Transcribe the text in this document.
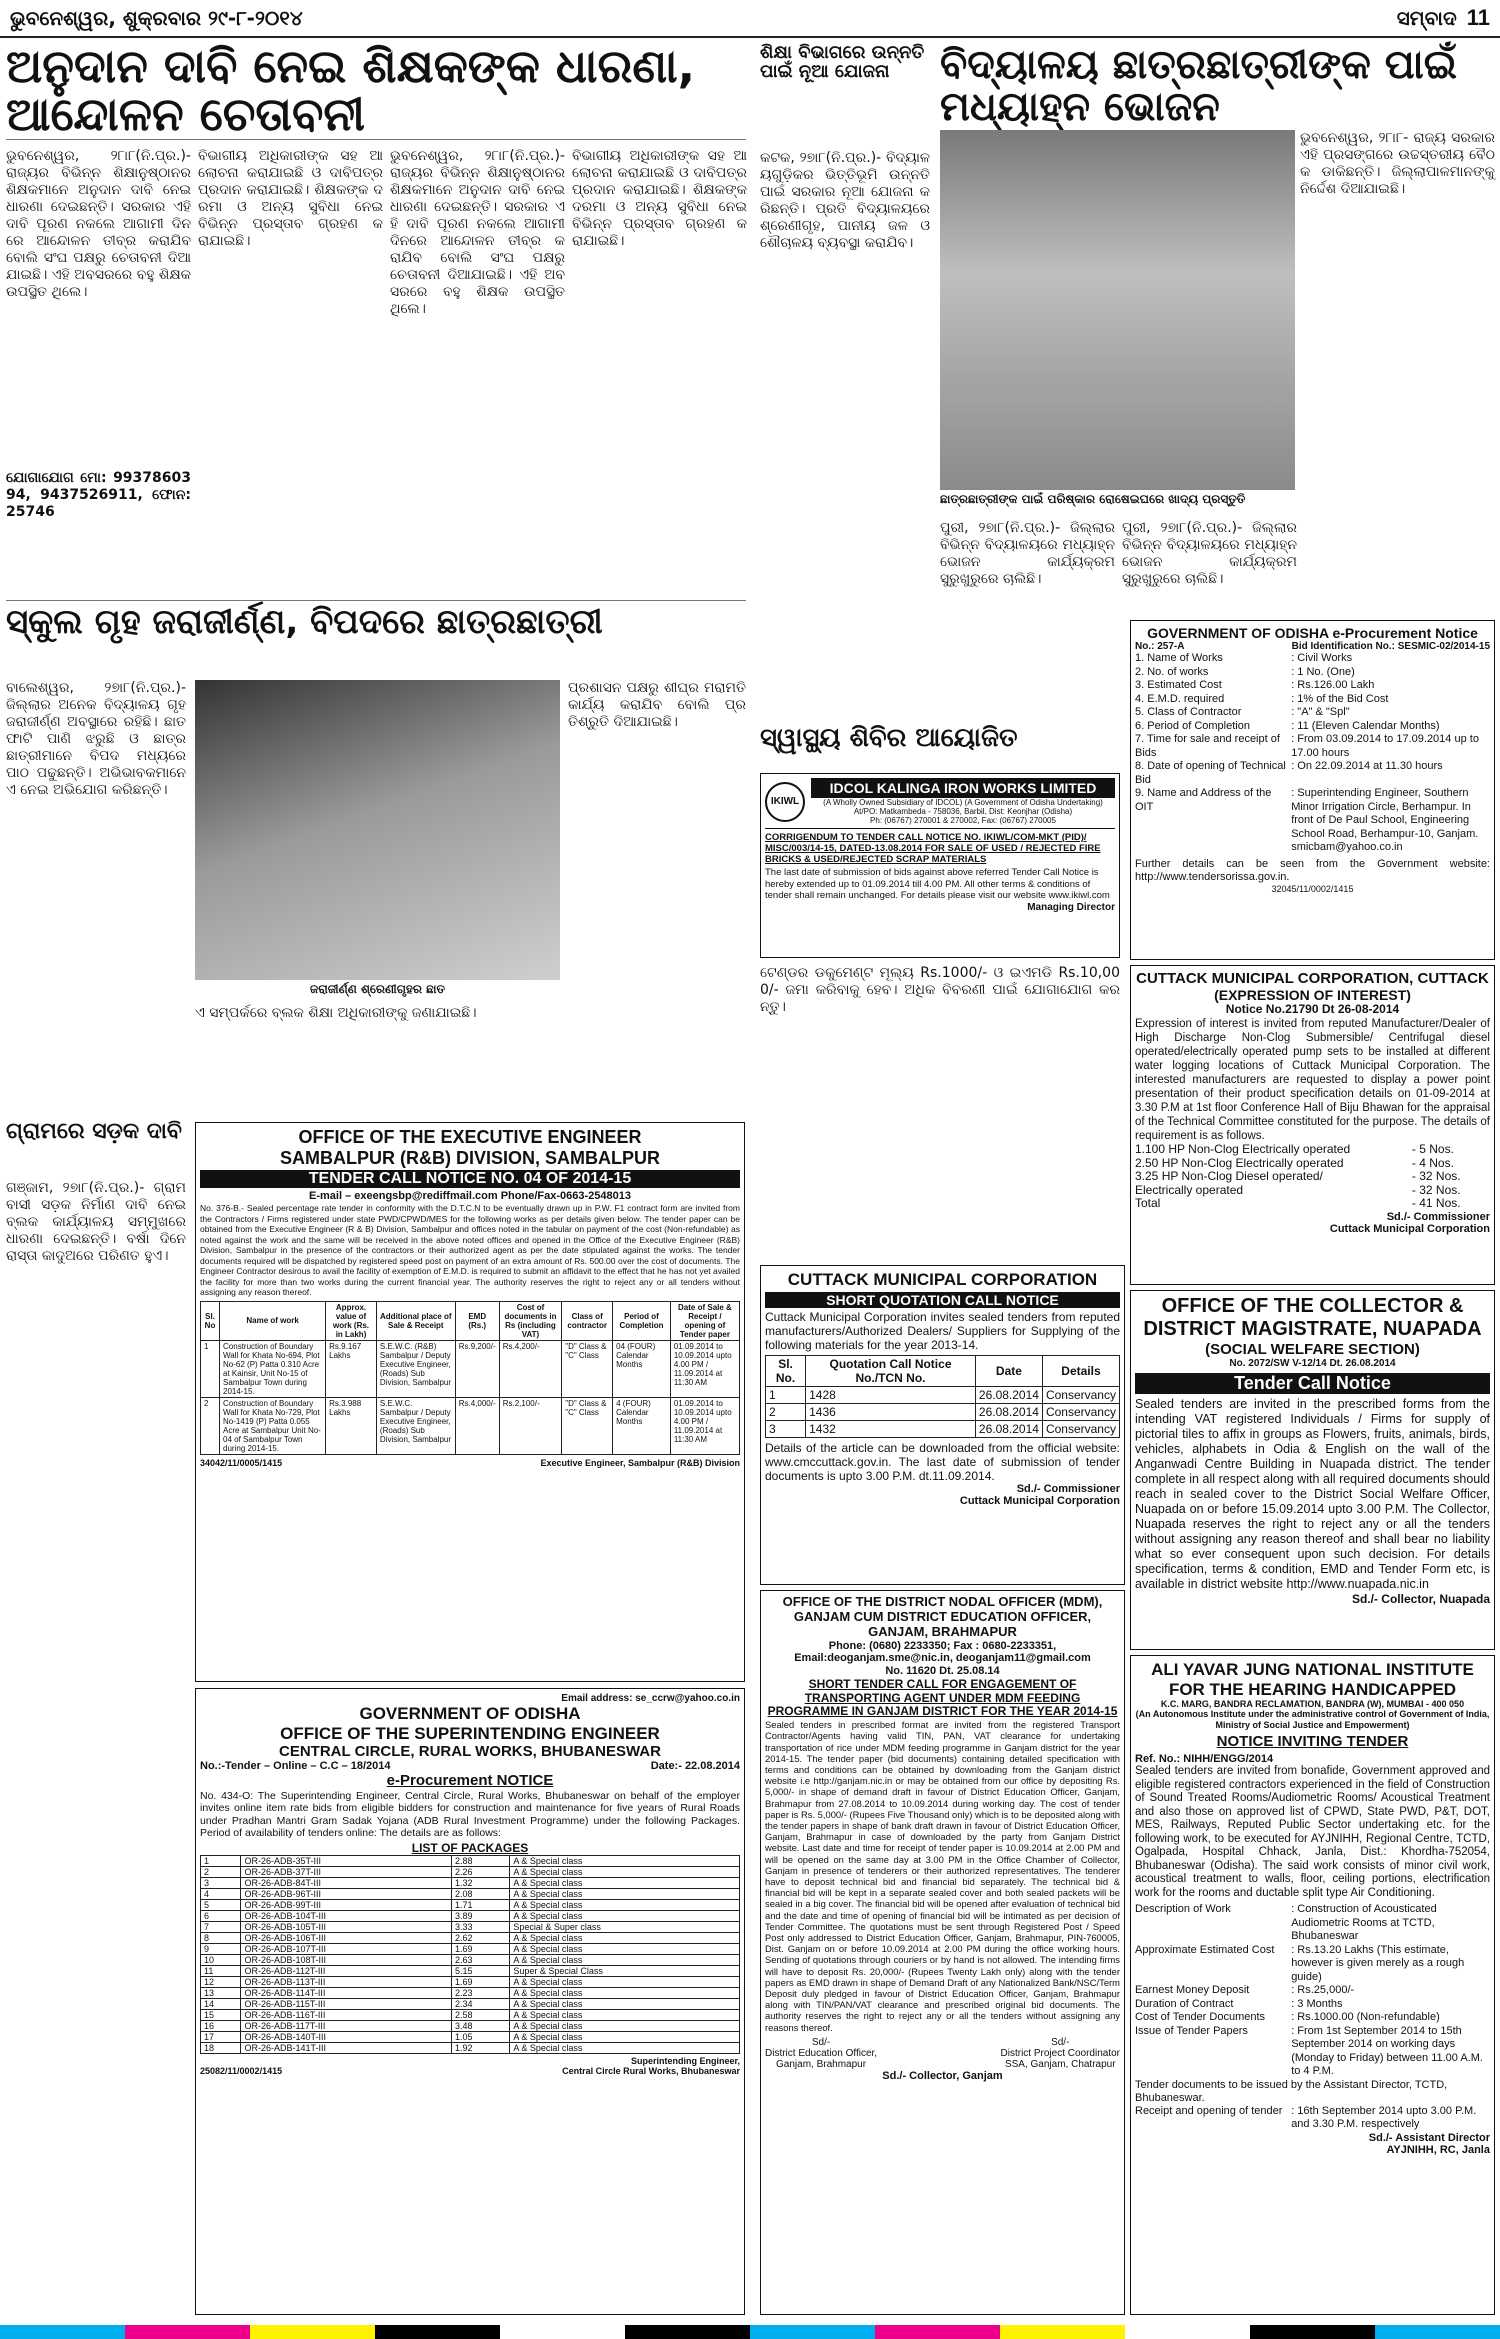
ଭୁବନେଶ୍ୱର, ଶୁକ୍ରବାର ୨୯-୮-୨୦୧୪	ସମ୍ବାଦ 11
ଅନୁଦାନ ଦାବି ନେଇ ଶିକ୍ଷକଙ୍କ ଧାରଣା, ଆନ୍ଦୋଳନ ଚେତାବନୀ
ଭୁବନେଶ୍ୱର, ୨୮ା୮(ନି.ପ୍ର.)- ରାଜ୍ୟର ବିଭିନ୍ନ ଶିକ୍ଷାନୁଷ୍ଠାନର ଶିକ୍ଷକମାନେ ଅନୁଦାନ ଦାବି ନେଇ ଧାରଣା ଦେଇଛନ୍ତି। ସରକାର ଏହି ଦାବି ପୂରଣ ନକଲେ ଆଗାମୀ ଦିନରେ ଆନ୍ଦୋଳନ ତୀବ୍ର କରାଯିବ ବୋଲି ସଂଘ ପକ୍ଷରୁ ଚେତାବନୀ ଦିଆଯାଇଛି। ଏହି ଅବସରରେ ବହୁ ଶିକ୍ଷକ ଉପସ୍ଥିତ ଥିଲେ।
ଯୋଗାଯୋଗ ମୋ: 9937860394, 9437526911, ଫୋନ: 25746
ବିଭାଗୀୟ ଅଧିକାରୀଙ୍କ ସହ ଆଲୋଚନା କରାଯାଇଛି ଓ ଦାବିପତ୍ର ପ୍ରଦାନ କରାଯାଇଛି। ଶିକ୍ଷକଙ୍କ ଦରମା ଓ ଅନ୍ୟ ସୁବିଧା ନେଇ ବିଭିନ୍ନ ପ୍ରସ୍ତାବ ଗ୍ରହଣ କରାଯାଇଛି।
ଭୁବନେଶ୍ୱର, ୨୮ା୮(ନି.ପ୍ର.)- ରାଜ୍ୟର ବିଭିନ୍ନ ଶିକ୍ଷାନୁଷ୍ଠାନର ଶିକ୍ଷକମାନେ ଅନୁଦାନ ଦାବି ନେଇ ଧାରଣା ଦେଇଛନ୍ତି। ସରକାର ଏହି ଦାବି ପୂରଣ ନକଲେ ଆଗାମୀ ଦିନରେ ଆନ୍ଦୋଳନ ତୀବ୍ର କରାଯିବ ବୋଲି ସଂଘ ପକ୍ଷରୁ ଚେତାବନୀ ଦିଆଯାଇଛି। ଏହି ଅବସରରେ ବହୁ ଶିକ୍ଷକ ଉପସ୍ଥିତ ଥିଲେ।
ବିଭାଗୀୟ ଅଧିକାରୀଙ୍କ ସହ ଆଲୋଚନା କରାଯାଇଛି ଓ ଦାବିପତ୍ର ପ୍ରଦାନ କରାଯାଇଛି। ଶିକ୍ଷକଙ୍କ ଦରମା ଓ ଅନ୍ୟ ସୁବିଧା ନେଇ ବିଭିନ୍ନ ପ୍ରସ୍ତାବ ଗ୍ରହଣ କରାଯାଇଛି।
ଶିକ୍ଷା ବିଭାଗରେ ଉନ୍ନତି ପାଇଁ ନୂଆ ଯୋଜନା
କଟକ, ୨୭ା୮(ନି.ପ୍ର.)- ବିଦ୍ୟାଳୟଗୁଡ଼ିକର ଭିତ୍ତିଭୂମି ଉନ୍ନତି ପାଇଁ ସରକାର ନୂଆ ଯୋଜନା କରିଛନ୍ତି। ପ୍ରତି ବିଦ୍ୟାଳୟରେ ଶ୍ରେଣୀଗୃହ, ପାନୀୟ ଜଳ ଓ ଶୌଚାଳୟ ବ୍ୟବସ୍ଥା କରାଯିବ।
ବିଦ୍ୟାଳୟ ଛାତ୍ରଛାତ୍ରୀଙ୍କ ପାଇଁ ମଧ୍ୟାହ୍ନ ଭୋଜନ
ଛାତ୍ରଛାତ୍ରୀଙ୍କ ପାଇଁ ପରିଷ୍କାର ରୋଷେଇଘରେ ଖାଦ୍ୟ ପ୍ରସ୍ତୁତି
ଭୁବନେଶ୍ୱର, ୨୮ା୮- ରାଜ୍ୟ ସରକାର ଏହି ପ୍ରସଙ୍ଗରେ ଉଚ୍ଚସ୍ତରୀୟ ବୈଠକ ଡାକିଛନ୍ତି। ଜିଲ୍ଲାପାଳମାନଙ୍କୁ ନିର୍ଦ୍ଦେଶ ଦିଆଯାଇଛି।
ପୁରୀ, ୨୭ା୮(ନି.ପ୍ର.)- ଜିଲ୍ଲାର ବିଭିନ୍ନ ବିଦ୍ୟାଳୟରେ ମଧ୍ୟାହ୍ନ ଭୋଜନ କାର୍ଯ୍ୟକ୍ରମ ସୁରୁଖୁରୁରେ ଚାଲିଛି।
ପୁରୀ, ୨୭ା୮(ନି.ପ୍ର.)- ଜିଲ୍ଲାର ବିଭିନ୍ନ ବିଦ୍ୟାଳୟରେ ମଧ୍ୟାହ୍ନ ଭୋଜନ କାର୍ଯ୍ୟକ୍ରମ ସୁରୁଖୁରୁରେ ଚାଲିଛି।
ସ୍କୁଲ ଗୃହ ଜରାଜୀର୍ଣ୍ଣ, ବିପଦରେ ଛାତ୍ରଛାତ୍ରୀ
ବାଲେଶ୍ୱର, ୨୭ା୮(ନି.ପ୍ର.)- ଜିଲ୍ଲାର ଅନେକ ବିଦ୍ୟାଳୟ ଗୃହ ଜରାଜୀର୍ଣ୍ଣ ଅବସ୍ଥାରେ ରହିଛି। ଛାତ ଫାଟି ପାଣି ଝରୁଛି ଓ ଛାତ୍ରଛାତ୍ରୀମାନେ ବିପଦ ମଧ୍ୟରେ ପାଠ ପଢୁଛନ୍ତି। ଅଭିଭାବକମାନେ ଏ ନେଇ ଅଭିଯୋଗ କରିଛନ୍ତି।
ଜରାଜୀର୍ଣ୍ଣ ଶ୍ରେଣୀଗୃହର ଛାତ
ଏ ସମ୍ପର୍କରେ ବ୍ଲକ ଶିକ୍ଷା ଅଧିକାରୀଙ୍କୁ ଜଣାଯାଇଛି।
ପ୍ରଶାସନ ପକ୍ଷରୁ ଶୀଘ୍ର ମରାମତି କାର୍ଯ୍ୟ କରାଯିବ ବୋଲି ପ୍ରତିଶ୍ରୁତି ଦିଆଯାଇଛି।
ଗ୍ରାମରେ ସଡ଼କ ଦାବି
ଗଞ୍ଜାମ, ୨୭ା୮(ନି.ପ୍ର.)- ଗ୍ରାମବାସୀ ସଡ଼କ ନିର୍ମାଣ ଦାବି ନେଇ ବ୍ଲକ କାର୍ଯ୍ୟାଳୟ ସମ୍ମୁଖରେ ଧାରଣା ଦେଇଛନ୍ତି। ବର୍ଷା ଦିନେ ରାସ୍ତା କାଦୁଅରେ ପରିଣତ ହୁଏ।
ସ୍ୱାସ୍ଥ୍ୟ ଶିବିର ଆୟୋଜିତ
IKIWL
IDCOL KALINGA IRON WORKS LIMITED
(A Wholly Owned Subsidiary of IDCOL) (A Government of Odisha Undertaking)
At/PO: Matkambeda - 758036, Barbil, Dist: Keonjhar (Odisha)
Ph: (06767) 270001 & 270002, Fax: (06767) 270005
CORRIGENDUM TO TENDER CALL NOTICE NO. IKIWL/COM-MKT (PID)/ MISC/003/14-15, DATED-13.08.2014 FOR SALE OF USED / REJECTED FIRE BRICKS & USED/REJECTED SCRAP MATERIALS
The last date of submission of bids against above referred Tender Call Notice is hereby extended up to 01.09.2014 till 4.00 PM. All other terms & conditions of tender shall remain unchanged. For details please visit our website www.ikiwl.com
Managing Director
ଟେଣ୍ଡର ଡକୁମେଣ୍ଟ ମୂଲ୍ୟ Rs.1000/- ଓ ଇଏମଡି Rs.10,000/- ଜମା କରିବାକୁ ହେବ। ଅଧିକ ବିବରଣୀ ପାଇଁ ଯୋଗାଯୋଗ କରନ୍ତୁ।
GOVERNMENT OF ODISHA e-Procurement Notice
No.: 257-A	Bid Identification No.: SESMIC-02/2014-15
1. Name of Works	: Civil Works
2. No. of works	: 1 No. (One)
3. Estimated Cost	: Rs.126.00 Lakh
4. E.M.D. required	: 1% of the Bid Cost
5. Class of Contractor	: "A" & "Spl"
6. Period of Completion	: 11 (Eleven Calendar Months)
7. Time for sale and receipt of Bids
: From 03.09.2014 to 17.09.2014 up to 17.00 hours
8. Date of opening of Technical Bid
: On 22.09.2014 at 11.30 hours
9. Name and Address of the OIT
: Superintending Engineer, Southern Minor Irrigation Circle, Berhampur. In front of De Paul School, Engineering School Road, Berhampur-10, Ganjam. smicbam@yahoo.co.in
Further details can be seen from the Government website: http://www.tendersorissa.gov.in.
32045/11/0002/1415
CUTTACK MUNICIPAL CORPORATION, CUTTACK
(EXPRESSION OF INTEREST)
Notice No.21790 Dt 26-08-2014
Expression of interest is invited from reputed Manufacturer/Dealer of High Discharge Non-Clog Submersible/ Centrifugal diesel operated/electrically operated pump sets to be installed at different water logging locations of Cuttack Municipal Corporation. The interested manufacturers are requested to display a power point presentation of their product specification details on 01-09-2014 at 3.30 P.M at 1st floor Conference Hall of Biju Bhawan for the appraisal of the Technical Committee constituted for the purpose. The details of requirement is as follows.
1.100 HP Non-Clog Electrically operated	- 5 Nos.
2.50 HP Non-Clog Electrically operated	- 4 Nos.
3.25 HP Non-Clog Diesel operated/	- 32 Nos.
Electrically operated	- 32 Nos.
Total	- 41 Nos.
Sd./- Commissioner
Cuttack Municipal Corporation
OFFICE OF THE COLLECTOR & DISTRICT MAGISTRATE, NUAPADA
(SOCIAL WELFARE SECTION)
No. 2072/SW V-12/14 Dt. 26.08.2014
Tender Call Notice
Sealed tenders are invited in the prescribed forms from the intending VAT registered Individuals / Firms for supply of pictorial tiles to affix in groups as Flowers, fruits, animals, birds, vehicles, alphabets in Odia & English on the wall of the Anganwadi Centre Building in Nuapada district. The tender complete in all respect along with all required documents should reach in sealed cover to the District Social Welfare Officer, Nuapada on or before 15.09.2014 upto 3.00 P.M. The Collector, Nuapada reserves the right to reject any or all the tenders without assigning any reason thereof and shall bear no liability what so ever consequent upon such decision. For details specification, terms & condition, EMD and Tender Form etc, is available in district website http://www.nuapada.nic.in
Sd./- Collector, Nuapada
ALI YAVAR JUNG NATIONAL INSTITUTE FOR THE HEARING HANDICAPPED
K.C. MARG, BANDRA RECLAMATION, BANDRA (W), MUMBAI - 400 050
(An Autonomous Institute under the administrative control of Government of India, Ministry of Social Justice and Empowerment)
NOTICE INVITING TENDER
Ref. No.: NIHH/ENGG/2014
Sealed tenders are invited from bonafide, Government approved and eligible registered contractors experienced in the field of Construction of Sound Treated Rooms/Audiometric Rooms/ Acoustical Treatment and also those on approved list of CPWD, State PWD, P&T, DOT, MES, Railways, Reputed Public Sector undertaking etc. for the following work, to be executed for AYJNIHH, Regional Centre, TCTD, Ogalpada, Hospital Chhack, Janla, Dist.: Khordha-752054, Bhubaneswar (Odisha). The said work consists of minor civil work, acoustical treatment to walls, floor, ceiling portions, electrification work for the rooms and ductable split type Air Conditioning.
Description of Work	: Construction of Acousticated Audiometric Rooms at TCTD, Bhubaneswar
Approximate Estimated Cost	: Rs.13.20 Lakhs (This estimate, however is given merely as a rough guide)
Earnest Money Deposit	: Rs.25,000/-
Duration of Contract	: 3 Months
Cost of Tender Documents	: Rs.1000.00 (Non-refundable)
Issue of Tender Papers	: From 1st September 2014 to 15th September 2014 on working days (Monday to Friday) between 11.00 A.M. to 4 P.M.
Tender documents to be issued by the Assistant Director, TCTD, Bhubaneswar.
Receipt and opening of tender : 16th September 2014 upto 3.00 P.M. and 3.30 P.M. respectively
Sd./- Assistant Director
AYJNIHH, RC, Janla
OFFICE OF THE EXECUTIVE ENGINEER
SAMBALPUR (R&B) DIVISION, SAMBALPUR
TENDER CALL NOTICE NO. 04 OF 2014-15
E-mail – exeengsbp@rediffmail.com Phone/Fax-0663-2548013
No. 376-B.- Sealed percentage rate tender in conformity with the D.T.C.N to be eventually drawn up in P.W. F1 contract form are invited from the Contractors / Firms registered under state PWD/CPWD/MES for the following works as per details given below. The tender paper can be obtained from the Executive Engineer (R & B) Division, Sambalpur and offices noted in the tabular on payment of the cost (Non-refundable) as noted against the work and the same will be received in the above noted offices and opened in the Office of the Executive Engineer (R&B) Division, Sambalpur in the presence of the contractors or their authorized agent as per the date stipulated against the works. The tender documents required will be dispatched by registered speed post on payment of an extra amount of Rs. 500.00 over the cost of documents. The Engineer Contractor desirous to avail the facility of exemption of E.M.D. is required to submit an affidavit to the effect that he has not yet availed the facility for more than two works during the current financial year. The authority reserves the right to reject any or all tenders without assigning any reason thereof.
Sl. No	Name of work	Approx. value of work (Rs. in Lakh)	Additional place of Sale & Receipt	EMD (Rs.)	Cost of documents in Rs (including VAT)	Class of contractor	Period of Completion	Date of Sale & Receipt / opening of Tender paper
1	Construction of Boundary Wall for Khata No-694, Plot No-62 (P) Patta 0.310 Acre at Kainsir, Unit No-15 of Sambalpur Town during 2014-15.	Rs.9.167 Lakhs	S.E.W.C. (R&B) Sambalpur / Deputy Executive Engineer, (Roads) Sub Division, Sambalpur	Rs.9,200/-	Rs.4,200/-	"D" Class & "C" Class	04 (FOUR) Calendar Months	01.09.2014 to 10.09.2014 upto 4.00 PM / 11.09.2014 at 11:30 AM
2	Construction of Boundary Wall for Khata No-729, Plot No-1419 (P) Patta 0.055 Acre at Sambalpur Unit No-04 of Sambalpur Town during 2014-15.	Rs.3.988 Lakhs	S.E.W.C. Sambalpur / Deputy Executive Engineer, (Roads) Sub Division, Sambalpur	Rs.4,000/-	Rs.2,100/-	"D" Class & "C" Class	4 (FOUR) Calendar Months	01.09.2014 to 10.09.2014 upto 4.00 PM / 11.09.2014 at 11:30 AM
34042/11/0005/1415	Executive Engineer, Sambalpur (R&B) Division
Email address: se_ccrw@yahoo.co.in
GOVERNMENT OF ODISHA
OFFICE OF THE SUPERINTENDING ENGINEER
CENTRAL CIRCLE, RURAL WORKS, BHUBANESWAR
No.:-Tender – Online – C.C – 18/2014	Date:- 22.08.2014
e-Procurement NOTICE
No. 434-O: The Superintending Engineer, Central Circle, Rural Works, Bhubaneswar on behalf of the employer invites online item rate bids from eligible bidders for construction and maintenance for five years of Rural Roads under Pradhan Mantri Gram Sadak Yojana (ADB Rural Investment Programme) under the following Packages. Period of availability of tenders online: The details are as follows:
LIST OF PACKAGES
1	OR-26-ADB-35T-III	2.88	A & Special class
2	OR-26-ADB-37T-III	2.26	A & Special class
3	OR-26-ADB-84T-III	1.32	A & Special class
4	OR-26-ADB-96T-III	2.08	A & Special class
5	OR-26-ADB-99T-III	1.71	A & Special class
6	OR-26-ADB-104T-III	3.89	A & Special class
7	OR-26-ADB-105T-III	3.33	Special & Super class
8	OR-26-ADB-106T-III	2.62	A & Special class
9	OR-26-ADB-107T-III	1.69	A & Special class
10	OR-26-ADB-108T-III	2.63	A & Special class
11	OR-26-ADB-112T-III	5.15	Super & Special Class
12	OR-26-ADB-113T-III	1.69	A & Special class
13	OR-26-ADB-114T-III	2.23	A & Special class
14	OR-26-ADB-115T-III	2.34	A & Special class
15	OR-26-ADB-116T-III	2.58	A & Special class
16	OR-26-ADB-117T-III	3.48	A & Special class
17	OR-26-ADB-140T-III	1.05	A & Special class
18	OR-26-ADB-141T-III	1.92	A & Special class
25082/11/0002/1415
Superintending Engineer,
Central Circle Rural Works, Bhubaneswar
CUTTACK MUNICIPAL CORPORATION
SHORT QUOTATION CALL NOTICE
Cuttack Municipal Corporation invites sealed tenders from reputed manufacturers/Authorized Dealers/ Suppliers for Supplying of the following materials for the year 2013-14.
Sl. No.	Quotation Call Notice No./TCN No.	Date	Details
1	1428	26.08.2014	Conservancy
2	1436	26.08.2014	Conservancy
3	1432	26.08.2014	Conservancy
Details of the article can be downloaded from the official website: www.cmccuttack.gov.in. The last date of submission of tender documents is upto 3.00 P.M. dt.11.09.2014.
Sd./- Commissioner
Cuttack Municipal Corporation
OFFICE OF THE DISTRICT NODAL OFFICER (MDM), GANJAM CUM DISTRICT EDUCATION OFFICER, GANJAM, BRAHMAPUR
Phone: (0680) 2233350; Fax : 0680-2233351,
Email:deoganjam.sme@nic.in, deoganjam11@gmail.com
No. 11620 Dt. 25.08.14
SHORT TENDER CALL FOR ENGAGEMENT OF TRANSPORTING AGENT UNDER MDM FEEDING PROGRAMME IN GANJAM DISTRICT FOR THE YEAR 2014-15
Sealed tenders in prescribed format are invited from the registered Transport Contractor/Agents having valid TIN, PAN, VAT clearance for undertaking transportation of rice under MDM feeding programme in Ganjam district for the year 2014-15. The tender paper (bid documents) containing detailed specification with terms and conditions can be obtained by downloading from the Ganjam district website i.e http://ganjam.nic.in or may be obtained from our office by depositing Rs. 5,000/- in shape of demand draft in favour of District Education Officer, Ganjam, Brahmapur from 27.08.2014 to 10.09.2014 during working day. The cost of tender paper is Rs. 5,000/- (Rupees Five Thousand only) which is to be deposited along with the tender papers in shape of bank draft drawn in favour of District Education Officer, Ganjam, Brahmapur in case of downloaded by the party from Ganjam District website. Last date and time for receipt of tender paper is 10.09.2014 at 2.00 PM and will be opened on the same day at 3.00 PM in the Office Chamber of Collector, Ganjam in presence of tenderers or their authorized representatives. The tenderer have to deposit technical bid and financial bid separately. The technical bid & financial bid will be kept in a separate sealed cover and both sealed packets will be sealed in a big cover. The financial bid will be opened after evaluation of technical bid and the date and time of opening of financial bid will be intimated as per decision of Tender Committee. The quotations must be sent through Registered Post / Speed Post only addressed to District Education Officer, Ganjam, Brahmapur, PIN-760005, Dist. Ganjam on or before 10.09.2014 at 2.00 PM during the office working hours. Sending of quotations through couriers or by hand is not allowed. The intending firms will have to deposit Rs. 20,000/- (Rupees Twenty Lakh only) along with the tender papers as EMD drawn in shape of Demand Draft of any Nationalized Bank/NSC/Term Deposit duly pledged in favour of District Education Officer, Ganjam, Brahmapur along with TIN/PAN/VAT clearance and prescribed original bid documents. The authority reserves the right to reject any or all the tenders without assigning any reasons thereof.
Sd/-
District Education Officer,
Ganjam, Brahmapur
Sd/-
District Project Coordinator
SSA, Ganjam, Chatrapur
Sd./- Collector, Ganjam
